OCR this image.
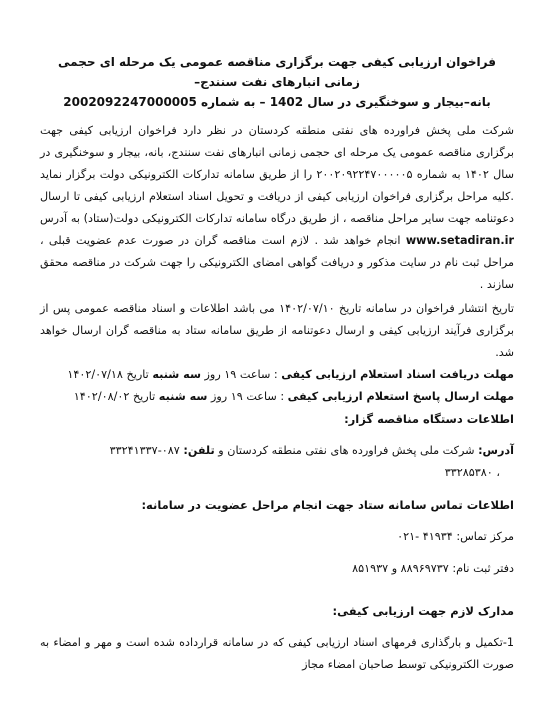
فراخوان ارزیابی کیفی جهت برگزاری مناقصه عمومی یک مرحله ای حجمی زمانی انبارهای نفت سنندج–
بانه–بیجار و سوخنگیری در سال 1402 – به شماره 2002092247000005

شرکت ملی پخش فراورده های نفتی منطقه کردستان در نظر دارد فراخوان ارزیابی کیفی جهت برگزاری مناقصه عمومی یک مرحله ای حجمی زمانی انبارهای نفت سنندج، بانه، بیجار و سوخنگیری در سال ۱۴۰۲ به شماره ۲۰۰۲۰۹۲۲۴۷۰۰۰۰۰۵ را از طریق سامانه تدارکات الکترونیکی دولت برگزار نماید .کلیه مراحل برگزاری فراخوان ارزیابی کیفی از دریافت و تحویل اسناد استعلام ارزیابی کیفی تا ارسال دعوتنامه جهت سایر مراحل مناقصه ، از طریق درگاه سامانه تدارکات الکترونیکی دولت(ستاد) به آدرس www.setadiran.ir انجام خواهد شد . لازم است مناقصه گران در صورت عدم عضویت قبلی ، مراحل ثبت نام در سایت مذکور و دریافت گواهی امضای الکترونیکی را جهت شرکت در مناقصه محقق سازند .

تاریخ انتشار فراخوان در سامانه تاریخ ۱۴۰۲/۰۷/۱۰ می باشد اطلاعات و اسناد مناقصه عمومی پس از برگزاری فرآیند ارزیابی کیفی و ارسال دعوتنامه از طریق سامانه ستاد به مناقصه گران ارسال خواهد شد.

مهلت دریافت اسناد استعلام ارزیابی کیفی : ساعت ۱۹ روز سه شنبه تاریخ ۱۴۰۲/۰۷/۱۸

مهلت ارسال پاسخ استعلام ارزیابی کیفی : ساعت ۱۹ روز سه شنبه تاریخ ۱۴۰۲/۰۸/۰۲

اطلاعات دستگاه مناقصه گزار:

آدرس: شرکت ملی پخش فراورده های نفتی منطقه کردستان و تلفن: ۰۸۷-۳۳۲۴۱۳۳۷

، ۳۳۲۸۵۳۸۰

اطلاعات تماس سامانه ستاد جهت انجام مراحل عضویت در سامانه:

مرکز تماس: ۴۱۹۳۴ -۰۲۱

دفتر ثبت نام: ۸۸۹۶۹۷۳۷ و ۸۵۱۹۳۷

مدارک لازم جهت ارزیابی کیفی:

1-تکمیل و بارگذاری فرمهای اسناد ارزیابی کیفی که در سامانه قرارداده شده است و مهر و امضاء به صورت الکترونیکی توسط صاحبان امضاء مجاز
